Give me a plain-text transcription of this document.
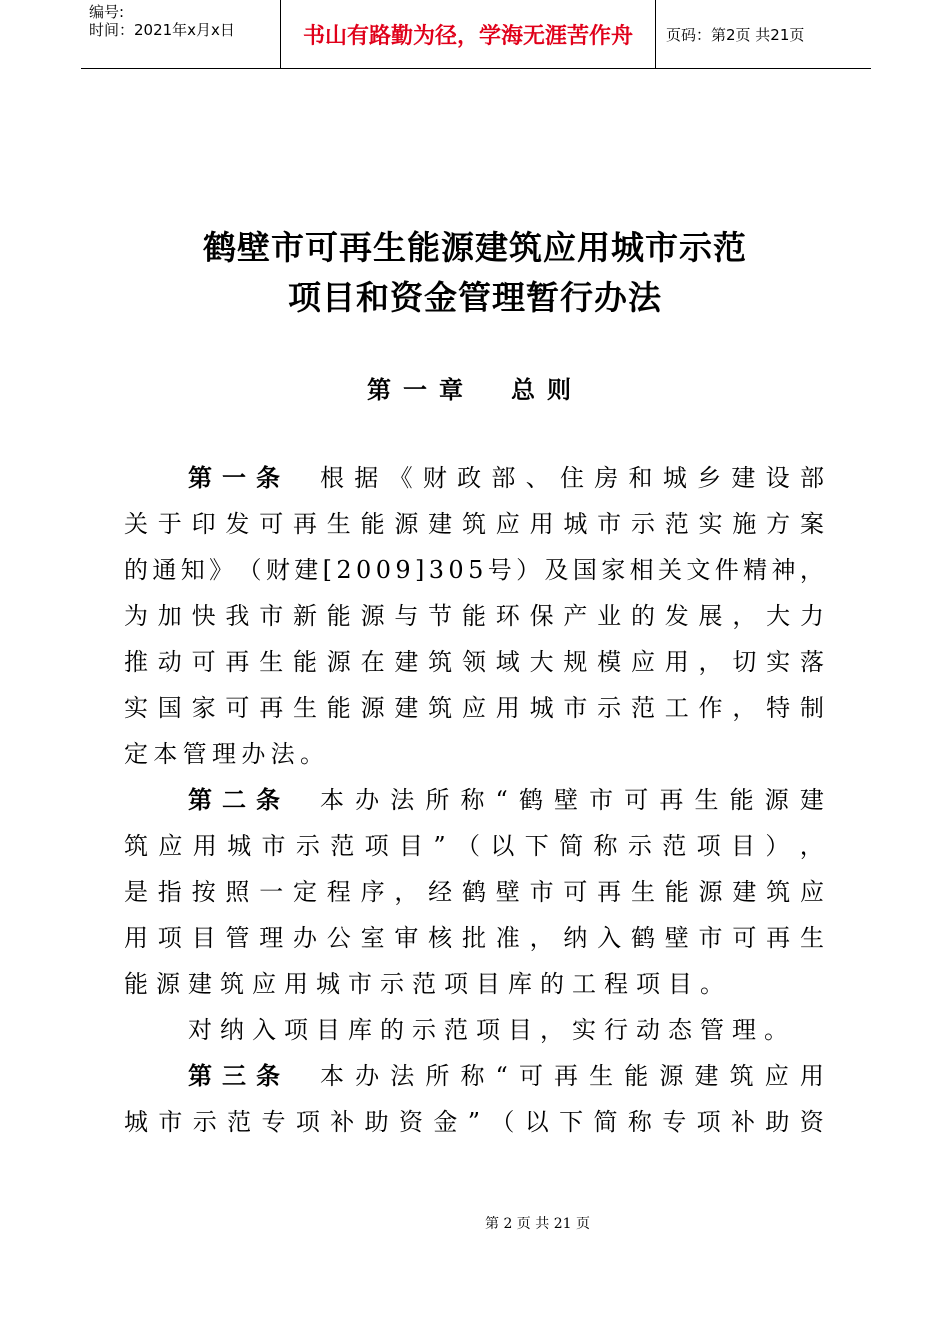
编号:
时间：2021年x月x日	书山有路勤为径，学海无涯苦作舟	页码：第2页 共21页
鹤壁市可再生能源建筑应用城市示范
项目和资金管理暂行办法
第一章 总则
第一条 根 据 《 财 政 部 、 住 房 和 城 乡 建 设 部
关 于 印 发 可 再 生 能 源 建 筑 应 用 城 市 示 范 实 施 方 案
的 通 知 》 （ 财 建 [ 2 0 0 9 ] 3 0 5 号 ） 及 国 家 相 关 文 件 精 神 ，
为 加 快 我 市 新 能 源 与 节 能 环 保 产 业 的 发 展 ， 大 力
推 动 可 再 生 能 源 在 建 筑 领 域 大 规 模 应 用 ， 切 实 落
实 国 家 可 再 生 能 源 建 筑 应 用 城 市 示 范 工 作 ， 特 制
定 本 管 理 办 法 。
第二条 本 办 法 所 称 “ 鹤 壁 市 可 再 生 能 源 建
筑 应 用 城 市 示 范 项 目 ” （ 以 下 简 称 示 范 项 目 ） ，
是 指 按 照 一 定 程 序 ， 经 鹤 壁 市 可 再 生 能 源 建 筑 应
用 项 目 管 理 办 公 室 审 核 批 准 ， 纳 入 鹤 壁 市 可 再 生
能 源 建 筑 应 用 城 市 示 范 项 目 库 的 工 程 项 目 。
对 纳 入 项 目 库 的 示 范 项 目 ， 实 行 动 态 管 理 。
第三条 本 办 法 所 称 “ 可 再 生 能 源 建 筑 应 用
城 市 示 范 专 项 补 助 资 金 ” （ 以 下 简 称 专 项 补 助 资
第 2 页 共 21 页
